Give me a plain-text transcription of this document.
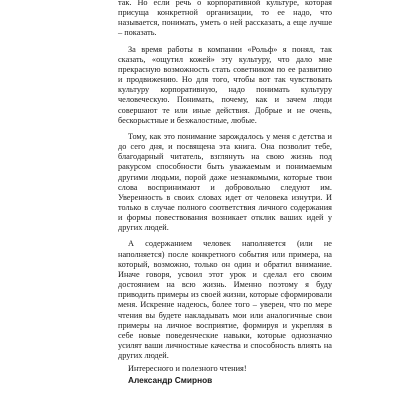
так. Но если речь о корпоративной культуре, которая присуща конкретной организации, то ее надо, что называется, понимать, уметь о ней рассказать, а еще лучше – показать.

За время работы в компании «Рольф» я понял, так сказать, «ощутил кожей» эту культуру, что дало мне прекрасную возможность стать советником по ее развитию и продвижению. Но для того, чтобы вот так чувствовать культуру корпоративную, надо понимать культуру человеческую. Понимать, почему, как и зачем люди совершают те или иные действия. Добрые и не очень, бескорыстные и безжалостные, любые.

Тому, как это понимание зарождалось у меня с детства и до сего дня, и посвящена эта книга. Она позволит тебе, благодарный читатель, взглянуть на свою жизнь под ракурсом способности быть уважаемым и понимаемым другими людьми, порой даже незнакомыми, которые твои слова воспринимают и добровольно следуют им. Уверенность в своих словах идет от человека изнутри. И только в случае полного соответствия личного содержания и формы повествования возникает отклик ваших идей у других людей.

А содержанием человек наполняется (или не наполняется) после конкретного события или примера, на который, возможно, только он один и обратил внимание. Иначе говоря, усвоил этот урок и сделал его своим достоянием на всю жизнь. Именно поэтому я буду приводить примеры из своей жизни, которые сформировали меня. Искренне надеюсь, более того – уверен, что по мере чтения вы будете накладывать мои или аналогичные свои примеры на личное восприятие, формируя и укрепляя в себе новые поведенческие навыки, которые однозначно усилят ваши личностные качества и способность влиять на других людей.

Интересного и полезного чтения!

Александр Смирнов
